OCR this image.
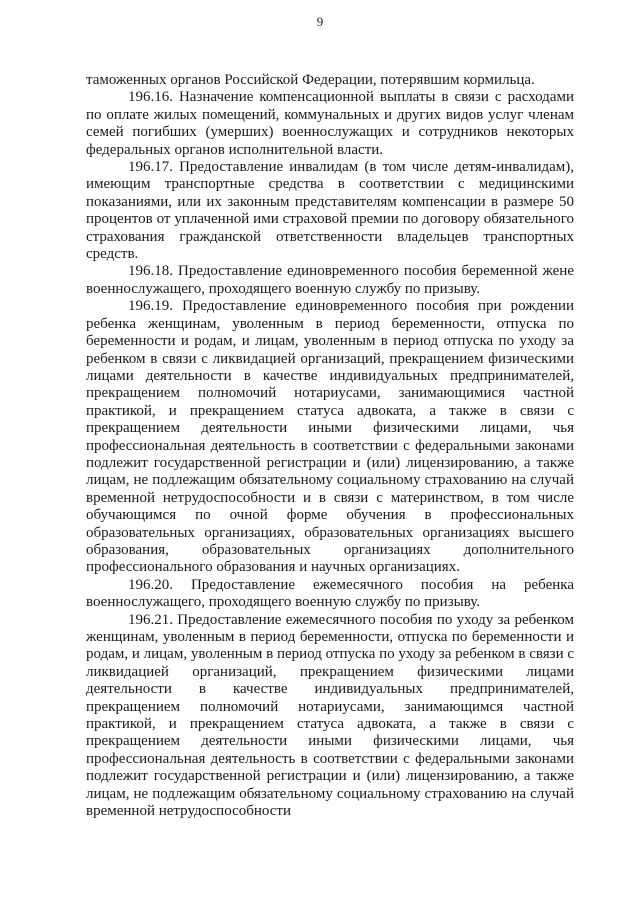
9

таможенных органов Российской Федерации, потерявшим кормильца.

196.16. Назначение компенсационной выплаты в связи с расходами по оплате жилых помещений, коммунальных и других видов услуг членам семей погибших (умерших) военнослужащих и сотрудников некоторых федеральных органов исполнительной власти.

196.17. Предоставление инвалидам (в том числе детям-инвалидам), имеющим транспортные средства в соответствии с медицинскими показаниями, или их законным представителям компенсации в размере 50 процентов от уплаченной ими страховой премии по договору обязательного страхования гражданской ответственности владельцев транспортных средств.

196.18. Предоставление единовременного пособия беременной жене военнослужащего, проходящего военную службу по призыву.

196.19. Предоставление единовременного пособия при рождении ребенка женщинам, уволенным в период беременности, отпуска по беременности и родам, и лицам, уволенным в период отпуска по уходу за ребенком в связи с ликвидацией организаций, прекращением физическими лицами деятельности в качестве индивидуальных предпринимателей, прекращением полномочий нотариусами, занимающимися частной практикой, и прекращением статуса адвоката, а также в связи с прекращением деятельности иными физическими лицами, чья профессиональная деятельность в соответствии с федеральными законами подлежит государственной регистрации и (или) лицензированию, а также лицам, не подлежащим обязательному социальному страхованию на случай временной нетрудоспособности и в связи с материнством, в том числе обучающимся по очной форме обучения в профессиональных образовательных организациях, образовательных организациях высшего образования, образовательных организациях дополнительного профессионального образования и научных организациях.

196.20. Предоставление ежемесячного пособия на ребенка военнослужащего, проходящего военную службу по призыву.

196.21. Предоставление ежемесячного пособия по уходу за ребенком женщинам, уволенным в период беременности, отпуска по беременности и родам, и лицам, уволенным в период отпуска по уходу за ребенком в связи с ликвидацией организаций, прекращением физическими лицами деятельности в качестве индивидуальных предпринимателей, прекращением полномочий нотариусами, занимающимся частной практикой, и прекращением статуса адвоката, а также в связи с прекращением деятельности иными физическими лицами, чья профессиональная деятельность в соответствии с федеральными законами подлежит государственной регистрации и (или) лицензированию, а также лицам, не подлежащим обязательному социальному страхованию на случай временной нетрудоспособности
